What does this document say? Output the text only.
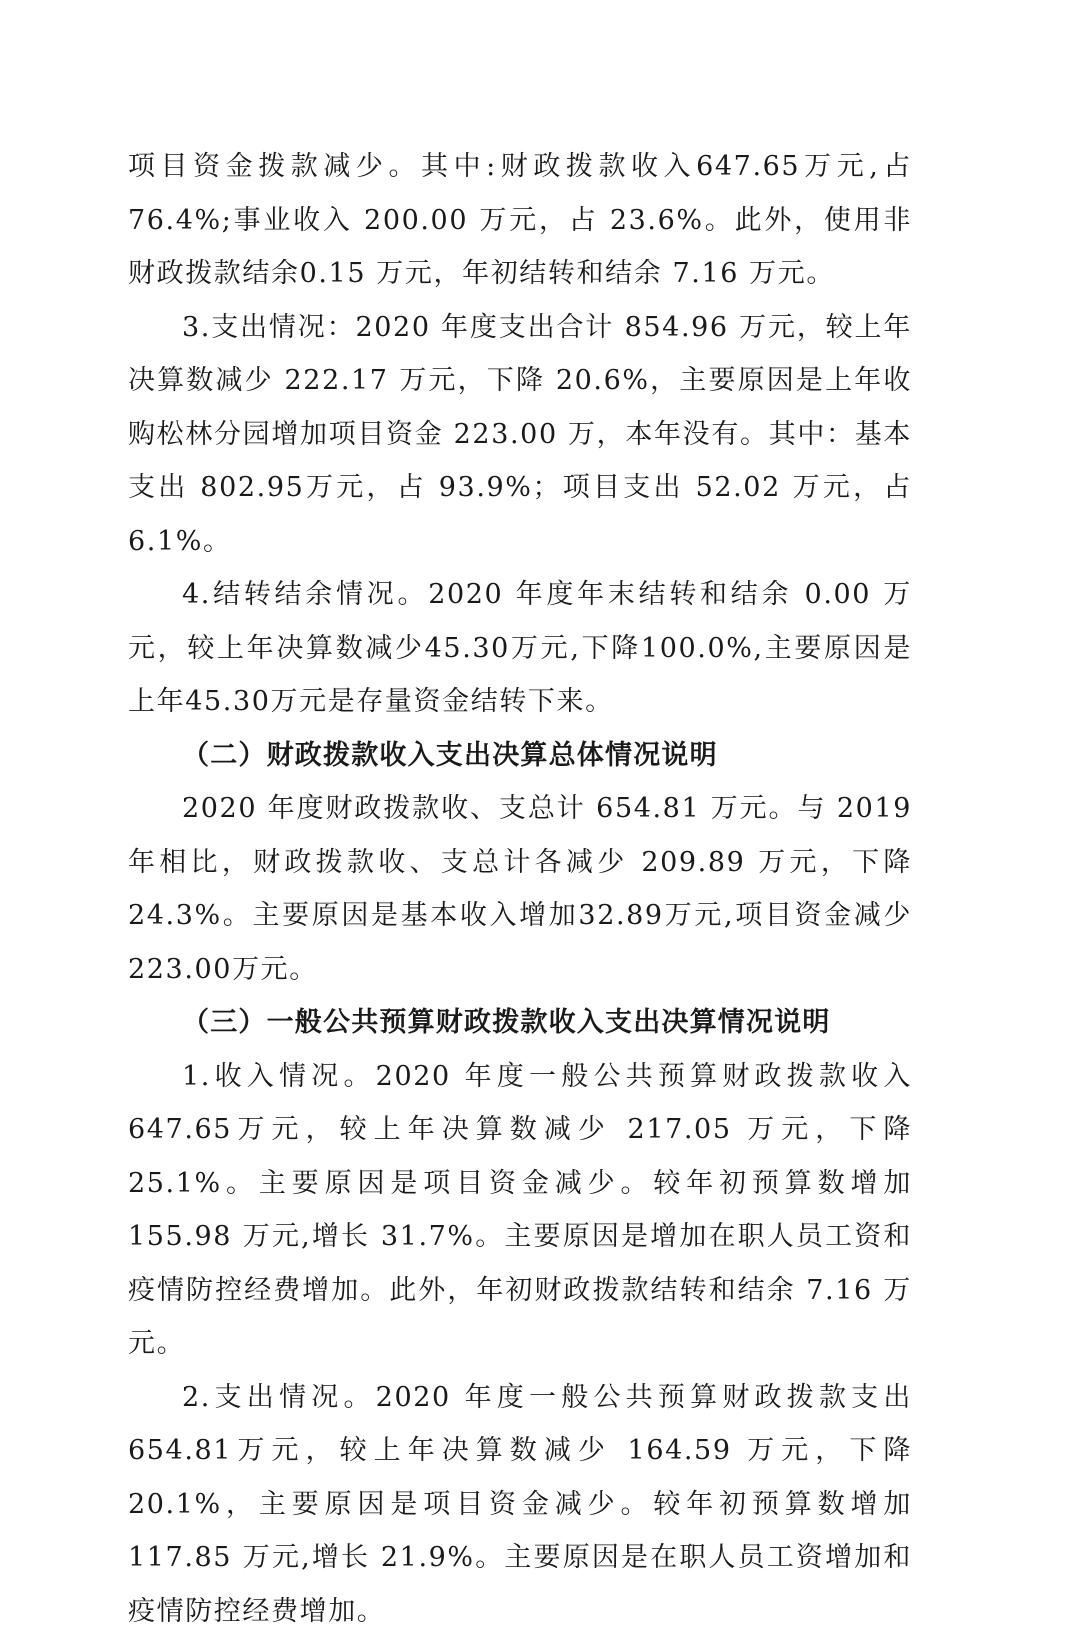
项目资金拨款减少。其中:财政拨款收入647.65万元,占76.4%;事业收入 200.00 万元，占 23.6%。此外，使用非财政拨款结余0.15 万元，年初结转和结余 7.16 万元。

3.支出情况：2020 年度支出合计 854.96 万元，较上年决算数减少 222.17 万元，下降 20.6%，主要原因是上年收购松林分园增加项目资金 223.00 万，本年没有。其中：基本支出 802.95万元，占 93.9%；项目支出 52.02 万元，占 6.1%。

4.结转结余情况。2020 年度年末结转和结余 0.00 万元，较上年决算数减少45.30万元,下降100.0%,主要原因是上年45.30万元是存量资金结转下来。

（二）财政拨款收入支出决算总体情况说明

2020 年度财政拨款收、支总计 654.81 万元。与 2019 年相比，财政拨款收、支总计各减少 209.89 万元，下降 24.3%。主要原因是基本收入增加32.89万元,项目资金减少223.00万元。

（三）一般公共预算财政拨款收入支出决算情况说明

1.收入情况。2020 年度一般公共预算财政拨款收入 647.65万元，较上年决算数减少 217.05 万元，下降 25.1%。主要原因是项目资金减少。较年初预算数增加 155.98 万元,增长 31.7%。主要原因是增加在职人员工资和疫情防控经费增加。此外，年初财政拨款结转和结余 7.16 万元。

2.支出情况。2020 年度一般公共预算财政拨款支出 654.81万元，较上年决算数减少 164.59 万元，下降 20.1%，主要原因是项目资金减少。较年初预算数增加 117.85 万元,增长 21.9%。主要原因是在职人员工资增加和疫情防控经费增加。
